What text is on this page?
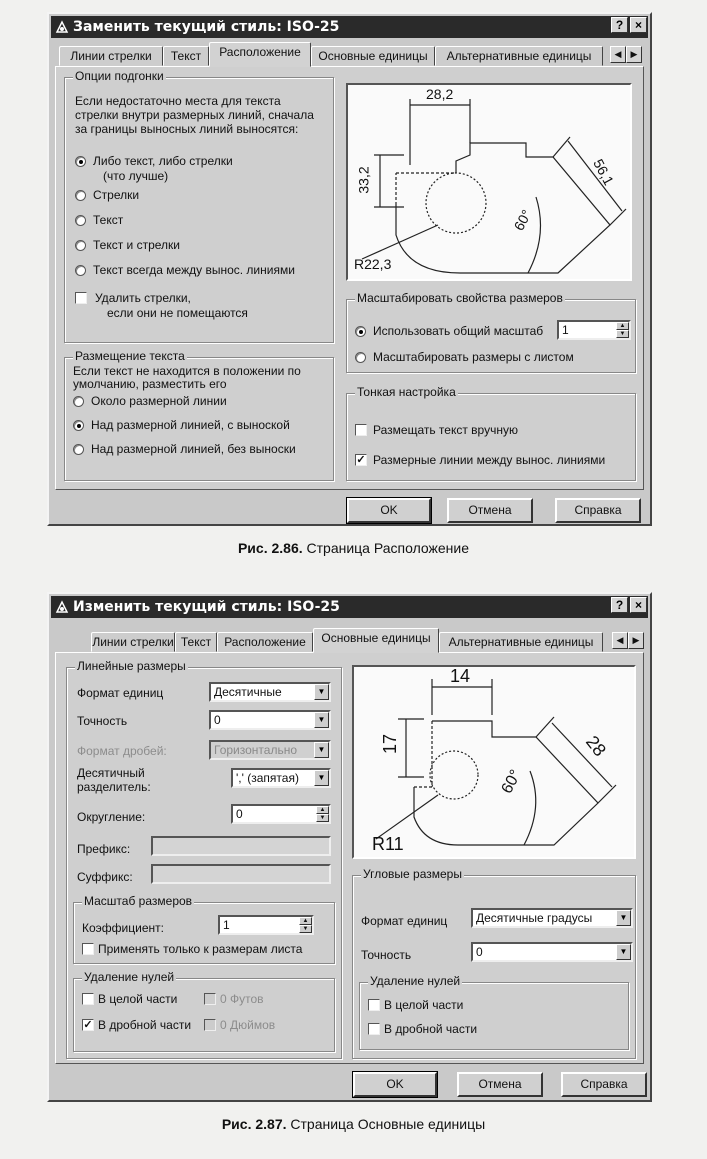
Заменить текущий стиль: ISO-25	? ×
Линии стрелки	Текст	Расположение	Основные единицы	Альтернативные единицы	◀	▶
Опции подгонки
Если недостаточно места для текста
стрелки внутри размерных линий, сначала
за границы выносных линий выносятся:
Либо текст, либо стрелки
(что лучше)
Стрелки
Текст
Текст и стрелки
Текст всегда между вынос. линиями
Удалить стрелки,
если они не помещаются
Размещение текста
Если текст не находится в положении по
умолчанию, разместить его
Около размерной линии
Над размерной линией, с выноской
Над размерной линией, без выноски
28,2
33,2	56,1
60°
R22,3
Масштабировать свойства размеров
Использовать общий масштаб	1	▲
▼
Масштабировать размеры с листом
Тонкая настройка
Размещать текст вручную
✓ Размерные линии между вынос. линиями
OK	Отмена	Справка
Рис. 2.86. Страница Расположение
Изменить текущий стиль: ISO-25	? ×
Линии стрелки Текст	Расположение	Основные единицы	Альтернативные единицы	◀	▶
Линейные размеры
Формат единиц	Десятичные	▼
Точность	0	▼
Формат дробей:	Горизонтально	▼
Десятичный
разделитель:
',' (запятая)	▼
Округление:	0	▲
▼
Префикс:
Суффикс:
Масштаб размеров
Коэффициент:	1	▲
▼
Применять только к размерам листа
Удаление нулей
В целой части	0 Футов
✓ В дробной части 0 Дюймов
14
17	28
60°
R11
Угловые размеры
Формат единиц	Десятичные градусы	▼
Точность	0	▼
Удаление нулей
В целой части
В дробной части
OK	Отмена	Справка
Рис. 2.87. Страница Основные единицы
